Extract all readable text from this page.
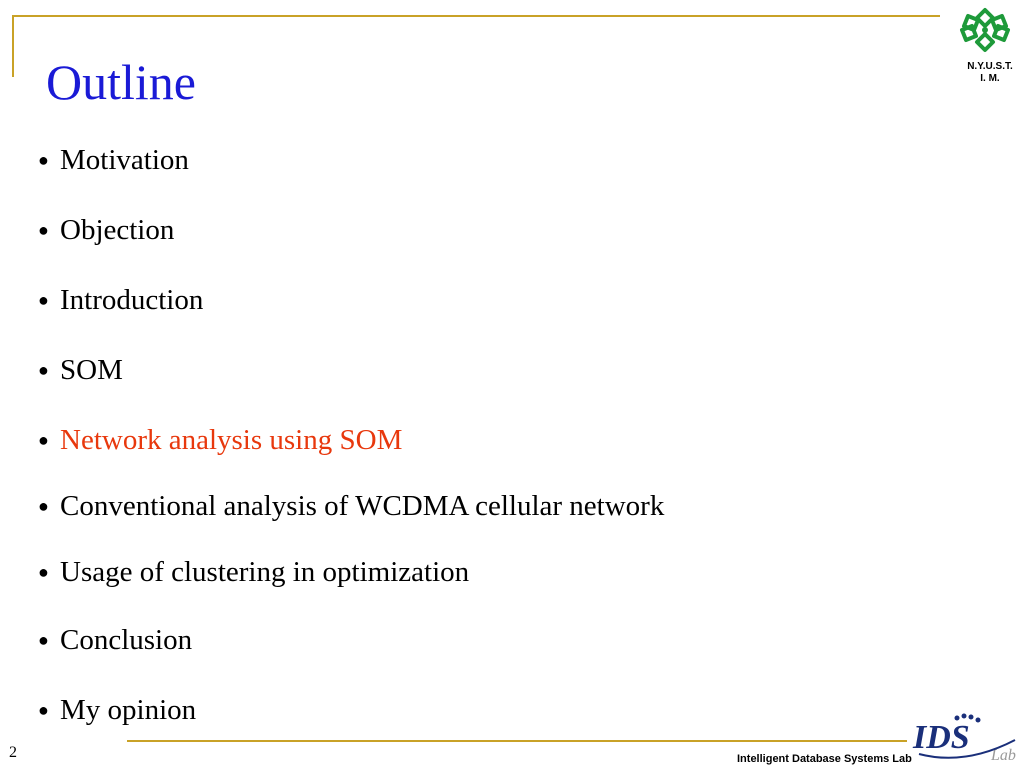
Outline	N.Y.U.S.T.
I. M.
● Motivation
● Objection
● Introduction
● SOM
● Network analysis using SOM
● Conventional analysis of WCDMA cellular network
● Usage of clustering in optimization
● Conclusion
● My opinion
2	Intelligent Database Systems Lab
IDS Lab
